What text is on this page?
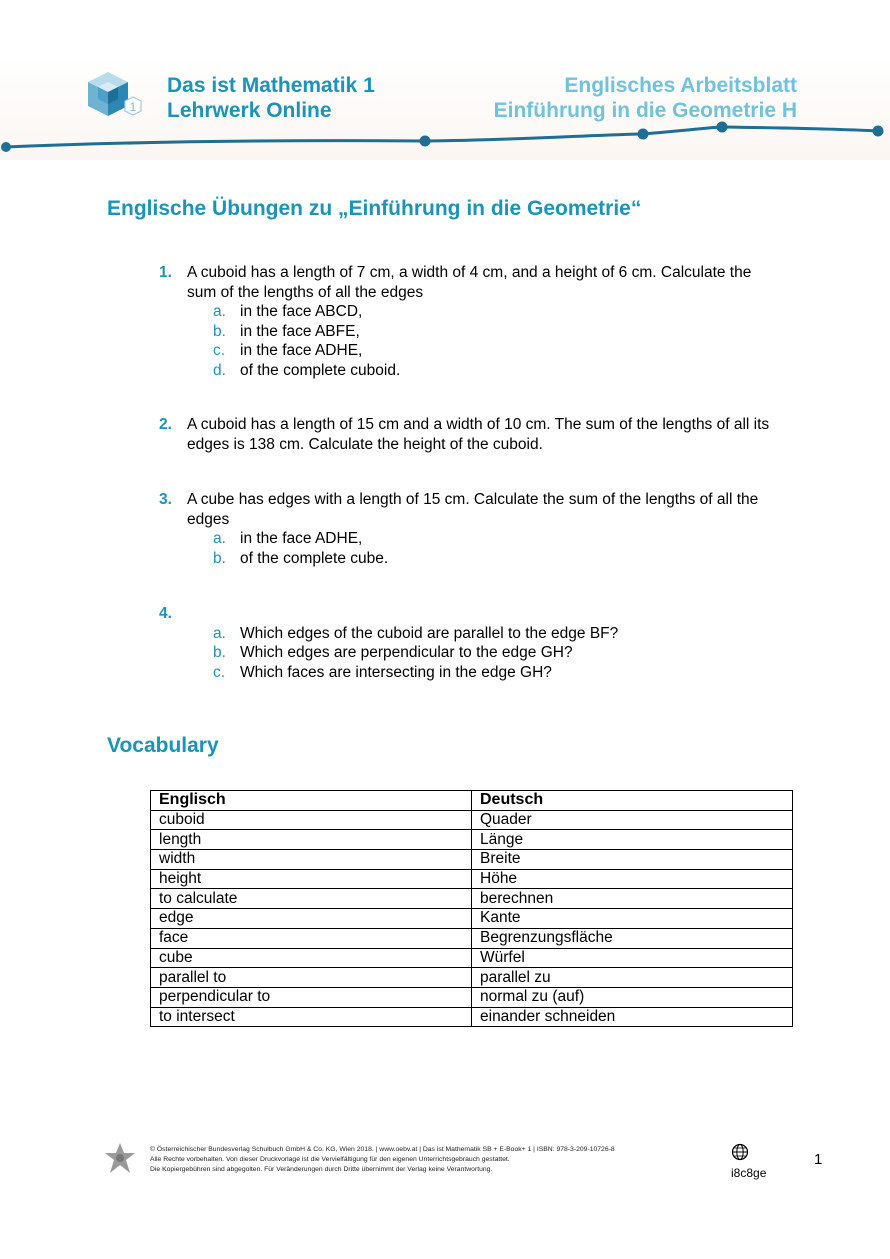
1
Das ist Mathematik 1
Lehrwerk Online
Englisches Arbeitsblatt
Einführung in die Geometrie H
Englische Übungen zu „Einführung in die Geometrie“
1. A cuboid has a length of 7 cm, a width of 4 cm, and a height of 6 cm. Calculate the sum of the lengths of all the edges
a. in the face ABCD,
b. in the face ABFE,
c. in the face ADHE,
d. of the complete cuboid.
2. A cuboid has a length of 15 cm and a width of 10 cm. The sum of the lengths of all its edges is 138 cm. Calculate the height of the cuboid.
3. A cube has edges with a length of 15 cm. Calculate the sum of the lengths of all the edges
a. in the face ADHE,
b. of the complete cube.
4.
a. Which edges of the cuboid are parallel to the edge BF?
b. Which edges are perpendicular to the edge GH?
c. Which faces are intersecting in the edge GH?
Vocabulary
Englisch	Deutsch
cuboid	Quader
length	Länge
width	Breite
height	Höhe
to calculate	berechnen
edge	Kante
face	Begrenzungsfläche
cube	Würfel
parallel to	parallel zu
perpendicular to	normal zu (auf)
to intersect	einander schneiden
© Österreichischer Bundesverlag Schulbuch GmbH & Co. KG, Wien 2018. | www.oebv.at | Das ist Mathematik SB + E-Book+ 1 | ISBN: 978-3-209-10726-8
Alle Rechte vorbehalten. Von dieser Druckvorlage ist die Vervielfältigung für den eigenen Unterrichtsgebrauch gestattet.
Die Kopiergebühren sind abgegolten. Für Veränderungen durch Dritte übernimmt der Verlag keine Verantwortung.	i8c8ge
1
